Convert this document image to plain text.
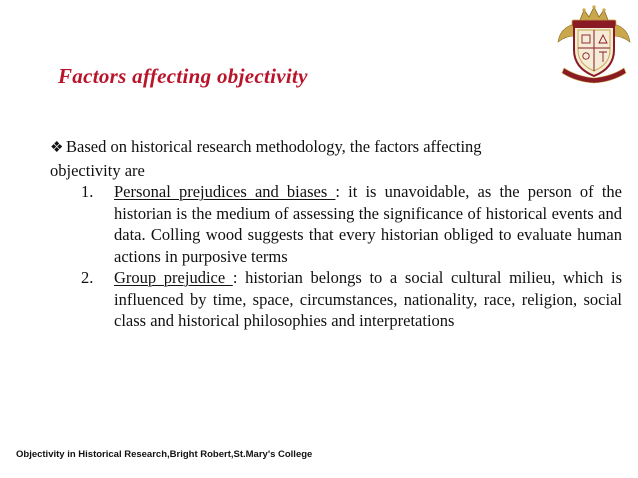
Factors affecting objectivity
❖ Based on historical research methodology, the factors affecting
objectivity are
1. Personal prejudices and biases : it is unavoidable, as the person of the historian is the medium of assessing the significance of historical events and data. Colling wood suggests that every historian obliged to evaluate human actions in purposive terms
2. Group prejudice : historian belongs to a social cultural milieu, which is influenced by time, space, circumstances, nationality, race, religion, social class and historical philosophies and interpretations
Objectivity in Historical Research,Bright Robert,St.Mary's College
